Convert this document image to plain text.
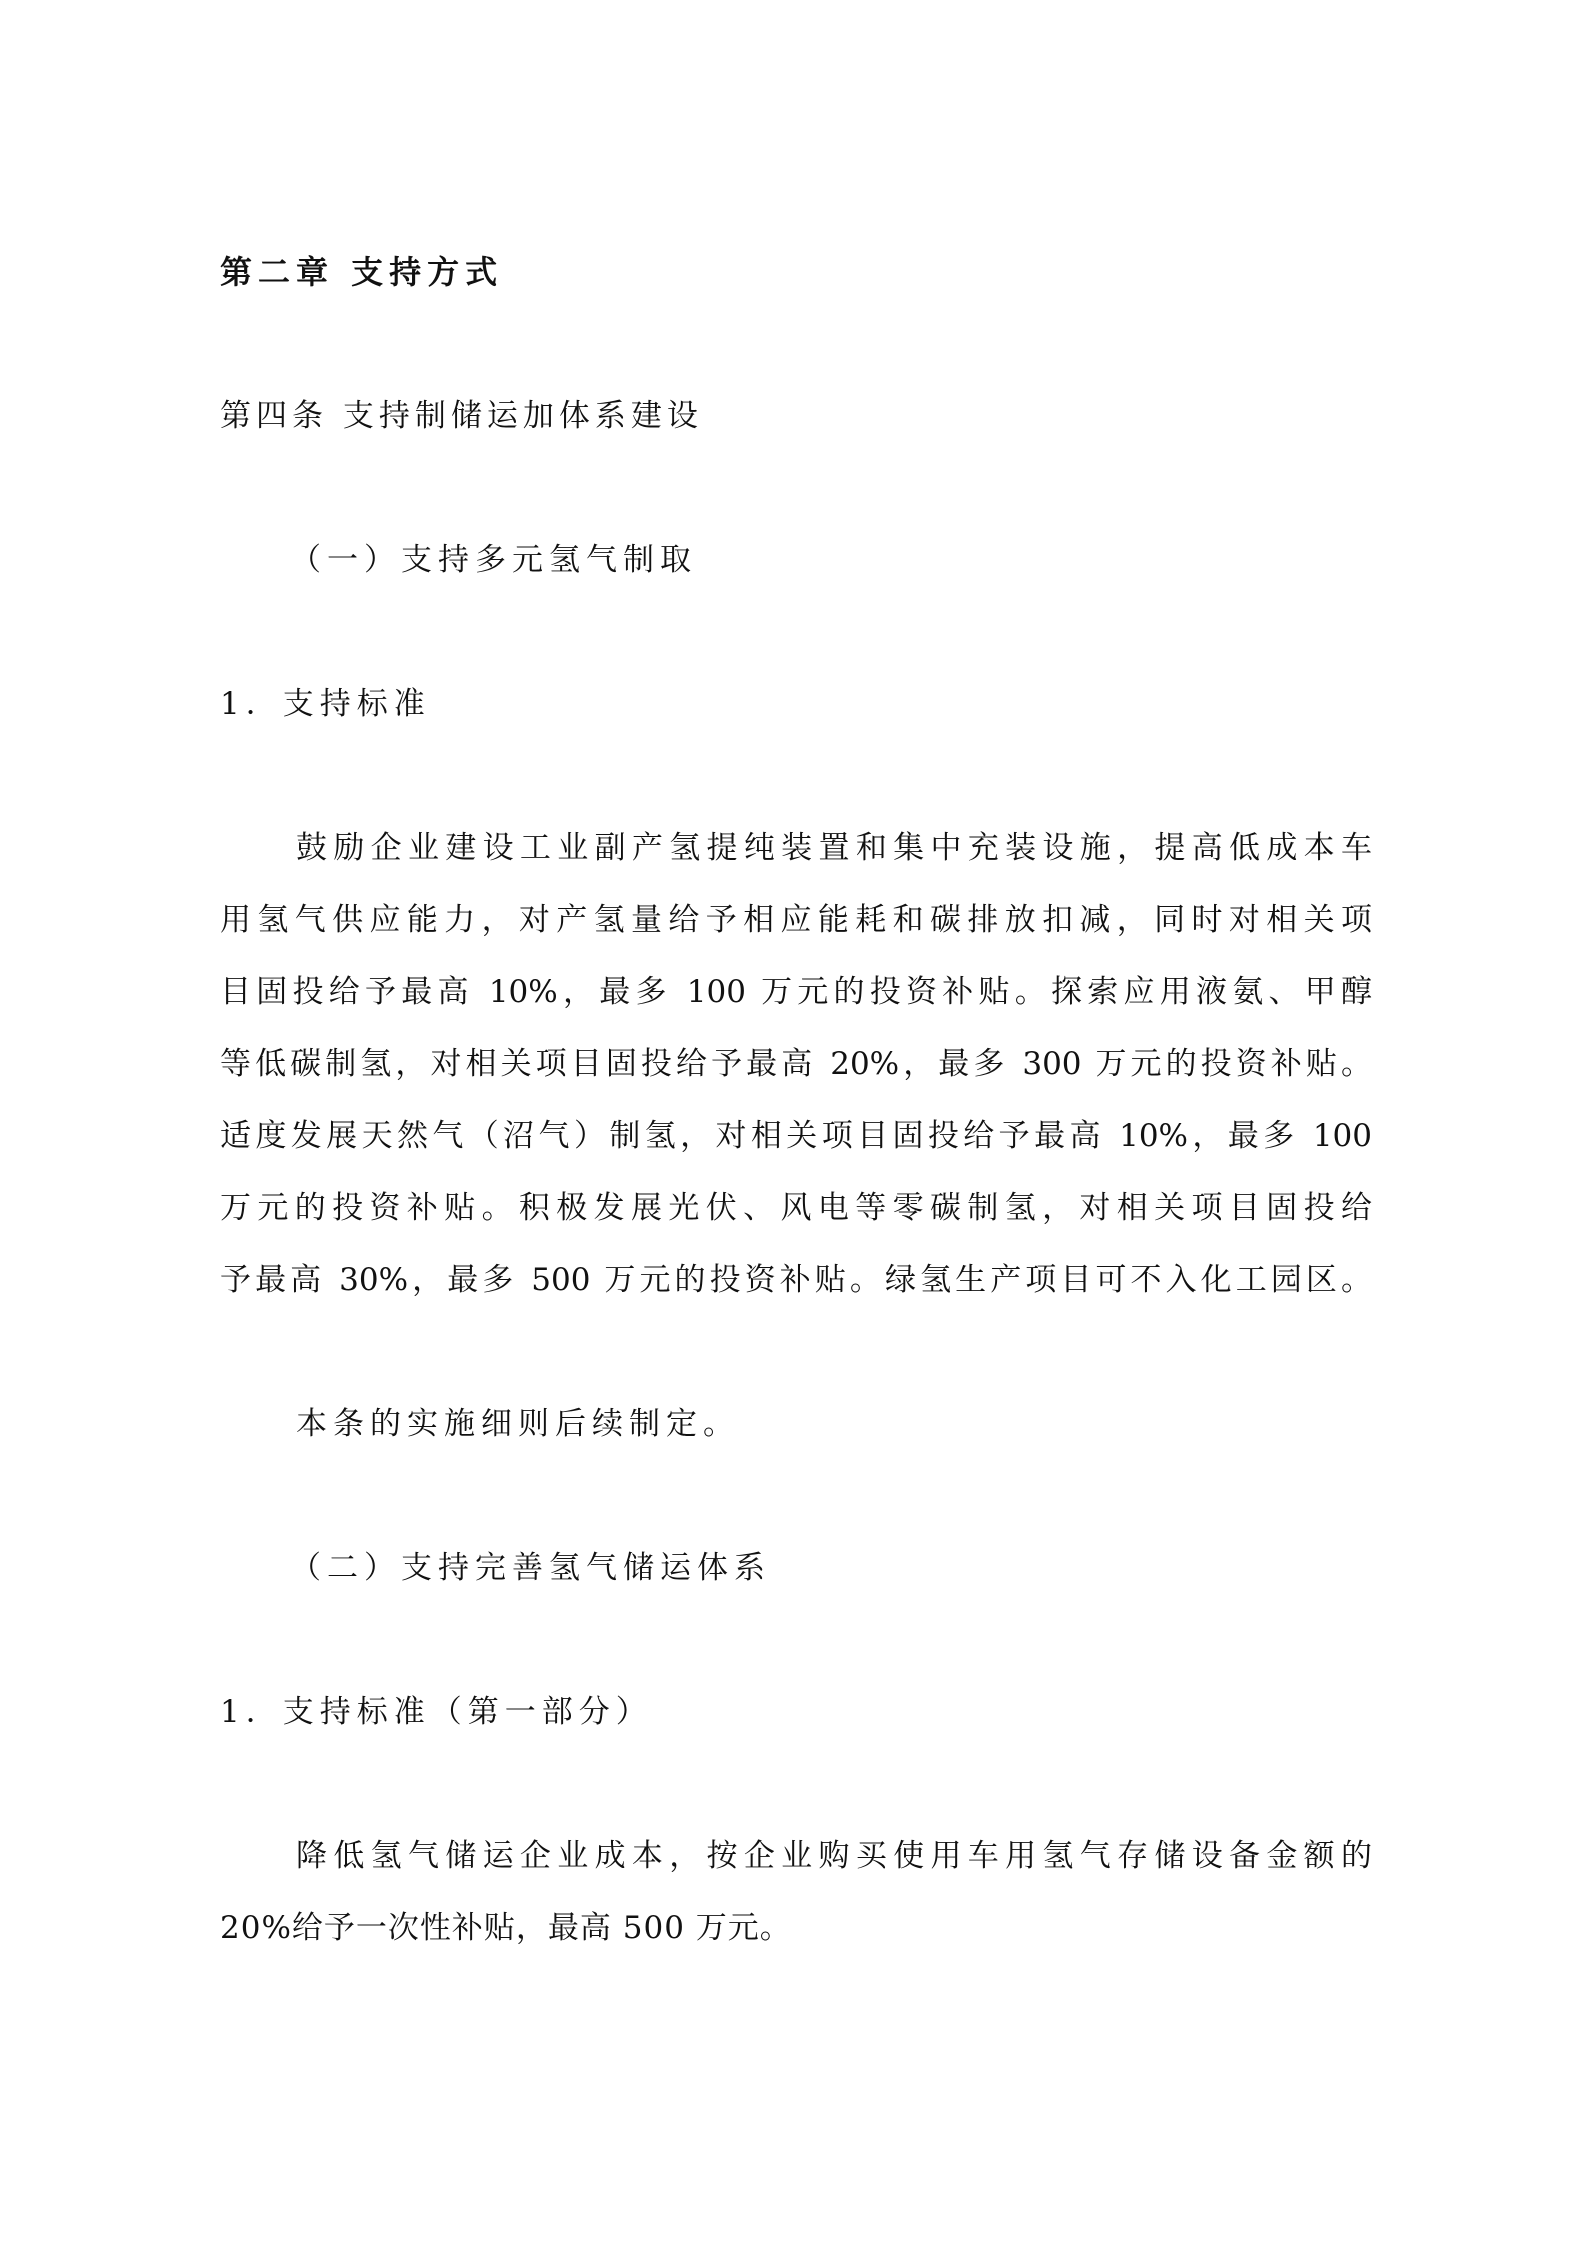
第二章 支持方式
第四条 支持制储运加体系建设
（一）支持多元氢气制取
1．支持标准
鼓励企业建设工业副产氢提纯装置和集中充装设施，提高低成本车
用氢气供应能力，对产氢量给予相应能耗和碳排放扣减，同时对相关项
目固投给予最高 10%，最多 100 万元的投资补贴。探索应用液氨、甲醇
等低碳制氢，对相关项目固投给予最高 20%，最多 300 万元的投资补贴。
适度发展天然气（沼气）制氢，对相关项目固投给予最高 10%，最多 100
万元的投资补贴。积极发展光伏、风电等零碳制氢，对相关项目固投给
予最高 30%，最多 500 万元的投资补贴。绿氢生产项目可不入化工园区。
本条的实施细则后续制定。
（二）支持完善氢气储运体系
1．支持标准（第一部分）
降低氢气储运企业成本，按企业购买使用车用氢气存储设备金额的
20%给予一次性补贴，最高 500 万元。
